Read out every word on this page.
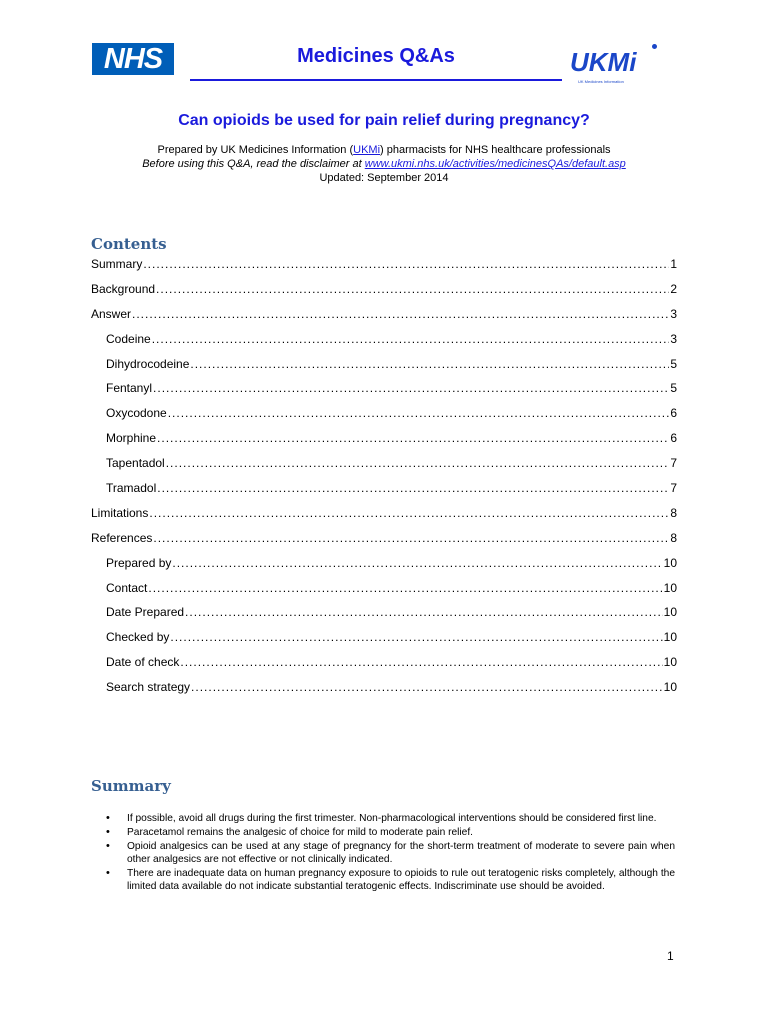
NHS	Medicines Q&As	UKMi
UK Medicines Information
Can opioids be used for pain relief during pregnancy?
Prepared by UK Medicines Information (UKMi) pharmacists for NHS healthcare professionals
Before using this Q&A, read the disclaimer at www.ukmi.nhs.uk/activities/medicinesQAs/default.asp
Updated: September 2014
Contents
Summary .....	1
Background .....	2
Answer .....	3
Codeine .....	3
Dihydrocodeine .....	5
Fentanyl .....	5
Oxycodone .....	6
Morphine .....	6
Tapentadol .....	7
Tramadol .....	7
Limitations .....	8
References .....	8
Prepared by .....	10
Contact .....	10
Date Prepared .....	10
Checked by .....	10
Date of check .....	10
Search strategy .....	10
Summary
• If possible, avoid all drugs during the first trimester. Non-pharmacological interventions should be considered first line.
• Paracetamol remains the analgesic of choice for mild to moderate pain relief.
• Opioid analgesics can be used at any stage of pregnancy for the short-term treatment of moderate to severe pain when other analgesics are not effective or not clinically indicated.
• There are inadequate data on human pregnancy exposure to opioids to rule out teratogenic risks completely, although the limited data available do not indicate substantial teratogenic effects. Indiscriminate use should be avoided.
1
